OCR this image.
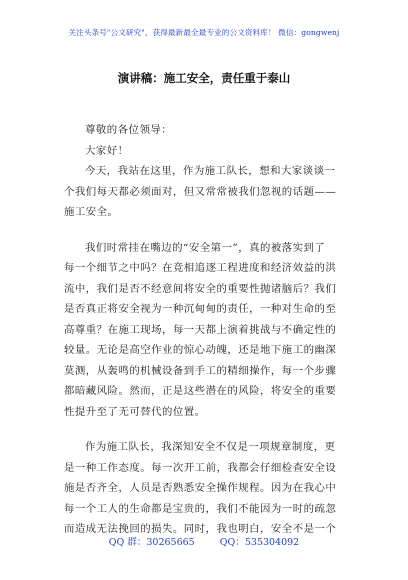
关注头条号"公文研究"，获得最新最全最专业的公文资料库！ 微信：gongwenj
演讲稿：施工安全，责任重于泰山
尊敬的各位领导：
大家好！
今天，我站在这里，作为施工队长，想和大家谈谈一
个我们每天都必须面对，但又常常被我们忽视的话题——
施工安全。
我们时常挂在嘴边的“安全第一”，真的被落实到了
每一个细节之中吗？在竞相追逐工程进度和经济效益的洪
流中，我们是否不经意间将安全的重要性抛诸脑后？我们
是否真正将安全视为一种沉甸甸的责任，一种对生命的至
高尊重？在施工现场，每一天都上演着挑战与不确定性的
较量。无论是高空作业的惊心动魄，还是地下施工的幽深
莫测，从轰鸣的机械设备到手工的精细操作，每一个步骤
都暗藏风险。然而，正是这些潜在的风险，将安全的重要
性提升至了无可替代的位置。
作为施工队长，我深知安全不仅是一项规章制度，更
是一种工作态度。每一次开工前，我都会仔细检查安全设
施是否齐全，人员是否熟悉安全操作规程。因为在我心中
每一个工人的生命都是宝贵的，我们不能因为一时的疏忽
而造成无法挽回的损失。同时，我也明白，安全不是一个
QQ 群：30265665	QQ：535304092
